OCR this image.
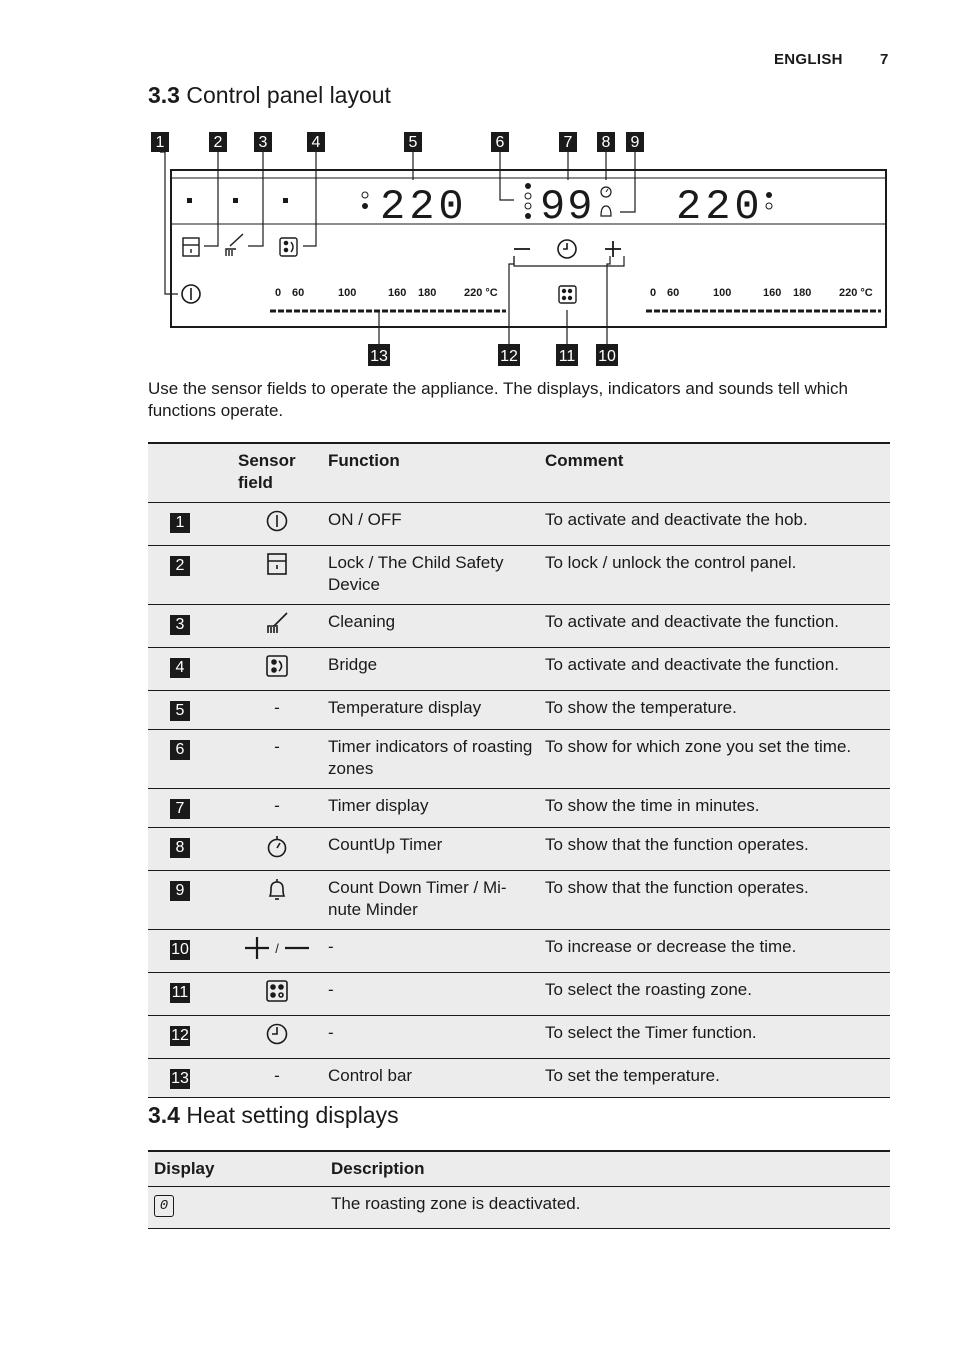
ENGLISH 7
3.3 Control panel layout
1	2 3	4	5	6	7 8 9
13	12	11 10
220 99 220
0 60	100	160 180	220 °C	0 60	100	160 180	220 °C
Use the sensor fields to operate the appliance. The displays, indicators and sounds tell which functions operate.
	Sensor field	Function	Comment
1		ON / OFF	To activate and deactivate the hob.
2		Lock / The Child Safety Device	To lock / unlock the control panel.
3		Cleaning	To activate and deactivate the function.
4		Bridge	To activate and deactivate the function.
5	-	Temperature display	To show the temperature.
6	-	Timer indicators of roasting zones	To show for which zone you set the time.
7	-	Timer display	To show the time in minutes.
8		CountUp Timer	To show that the function operates.
9		Count Down Timer / Mi-nute Minder	To show that the function operates.
10	/	-	To increase or decrease the time.
11		-	To select the roasting zone.
12		-	To select the Timer function.
13	-	Control bar	To set the temperature.
3.4 Heat setting displays
Display	Description
0	The roasting zone is deactivated.
